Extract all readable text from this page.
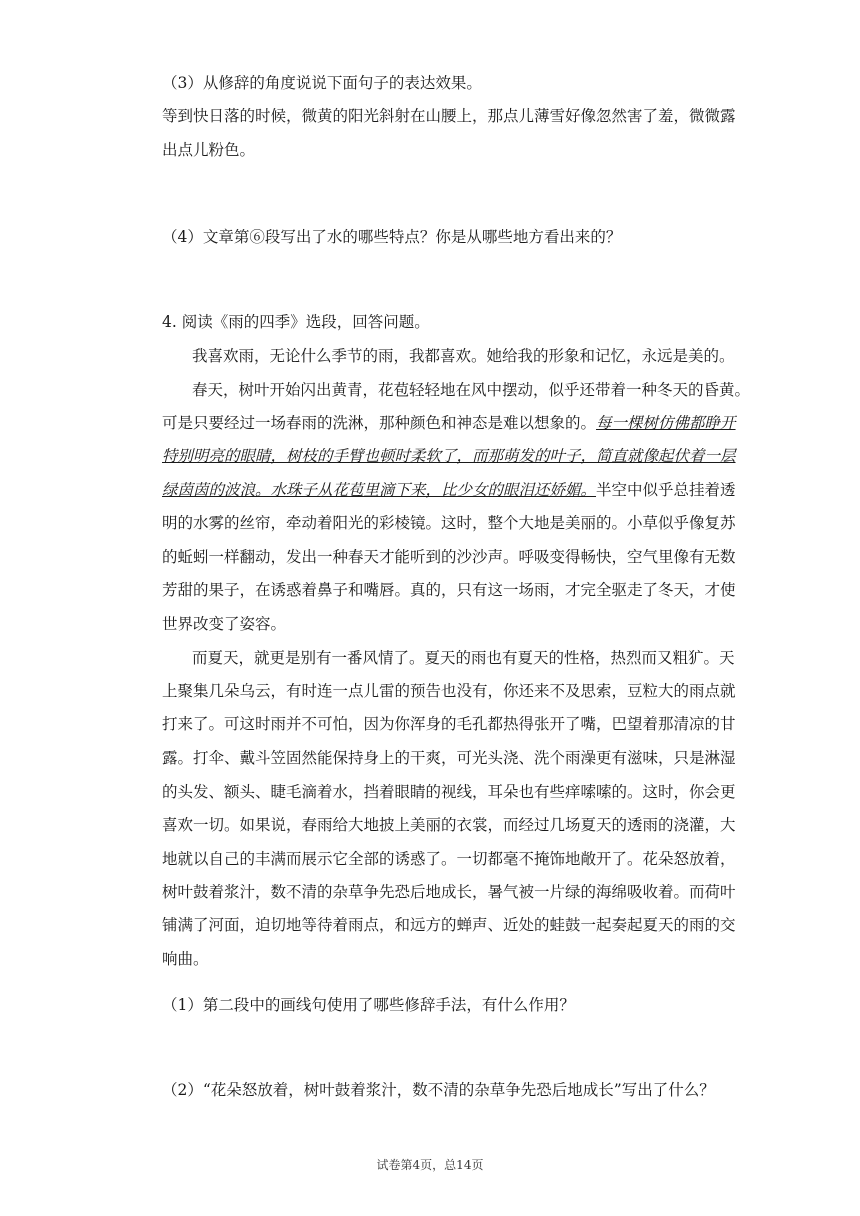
（3）从修辞的角度说说下面句子的表达效果。
等到快日落的时候，微黄的阳光斜射在山腰上，那点儿薄雪好像忽然害了羞，微微露
出点儿粉色。
（4）文章第⑥段写出了水的哪些特点？你是从哪些地方看出来的？
4. 阅读《雨的四季》选段，回答问题。
我喜欢雨，无论什么季节的雨，我都喜欢。她给我的形象和记忆，永远是美的。
春天，树叶开始闪出黄青，花苞轻轻地在风中摆动，似乎还带着一种冬天的昏黄。
可是只要经过一场春雨的洗淋，那种颜色和神态是难以想象的。每一棵树仿佛都睁开
特别明亮的眼睛，树枝的手臂也顿时柔软了，而那萌发的叶子，简直就像起伏着一层
绿茵茵的波浪。水珠子从花苞里滴下来，比少女的眼泪还娇媚。半空中似乎总挂着透
明的水雾的丝帘，牵动着阳光的彩棱镜。这时，整个大地是美丽的。小草似乎像复苏
的蚯蚓一样翻动，发出一种春天才能听到的沙沙声。呼吸变得畅快，空气里像有无数
芳甜的果子，在诱惑着鼻子和嘴唇。真的，只有这一场雨，才完全驱走了冬天，才使
世界改变了姿容。
而夏天，就更是别有一番风情了。夏天的雨也有夏天的性格，热烈而又粗犷。天
上聚集几朵乌云，有时连一点儿雷的预告也没有，你还来不及思索，豆粒大的雨点就
打来了。可这时雨并不可怕，因为你浑身的毛孔都热得张开了嘴，巴望着那清凉的甘
露。打伞、戴斗笠固然能保持身上的干爽，可光头浇、洗个雨澡更有滋味，只是淋湿
的头发、额头、睫毛滴着水，挡着眼睛的视线，耳朵也有些痒嗦嗦的。这时，你会更
喜欢一切。如果说，春雨给大地披上美丽的衣裳，而经过几场夏天的透雨的浇灌，大
地就以自己的丰满而展示它全部的诱惑了。一切都毫不掩饰地敞开了。花朵怒放着，
树叶鼓着浆汁，数不清的杂草争先恐后地成长，暑气被一片绿的海绵吸收着。而荷叶
铺满了河面，迫切地等待着雨点，和远方的蝉声、近处的蛙鼓一起奏起夏天的雨的交
响曲。
（1）第二段中的画线句使用了哪些修辞手法，有什么作用？
（2）“花朵怒放着，树叶鼓着浆汁，数不清的杂草争先恐后地成长”写出了什么？
试卷第4页，总14页
